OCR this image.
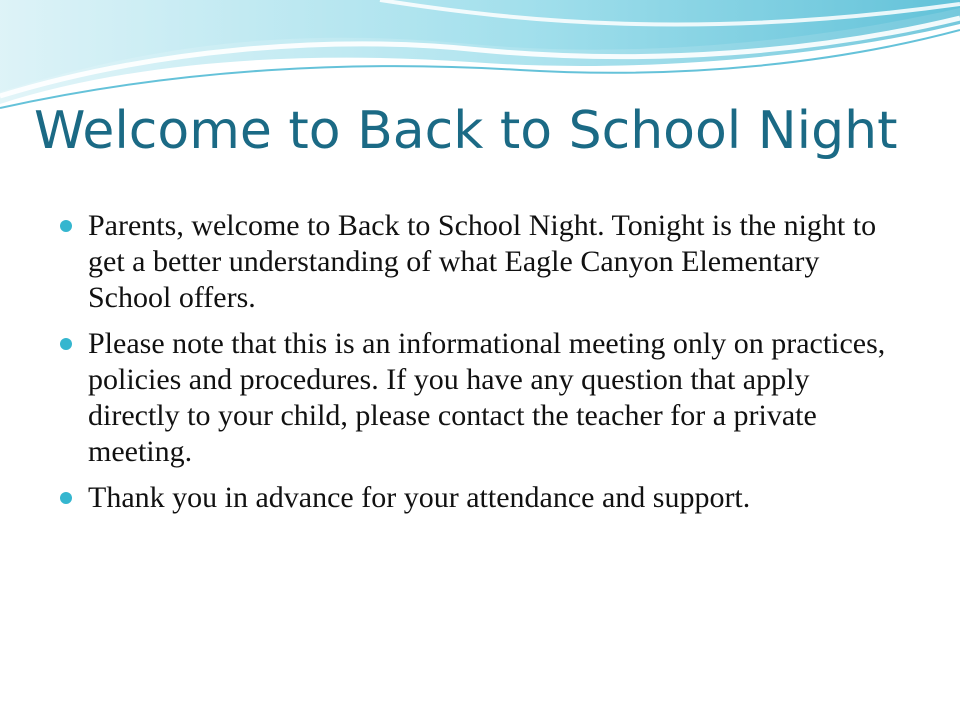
Welcome to Back to School Night
Parents, welcome to Back to School Night. Tonight is the night to get a better understanding of what Eagle Canyon Elementary School offers.
Please note that this is an informational meeting only on practices, policies and procedures. If you have any question that apply directly to your child, please contact the teacher for a private meeting.
Thank you in advance for your attendance and support.
